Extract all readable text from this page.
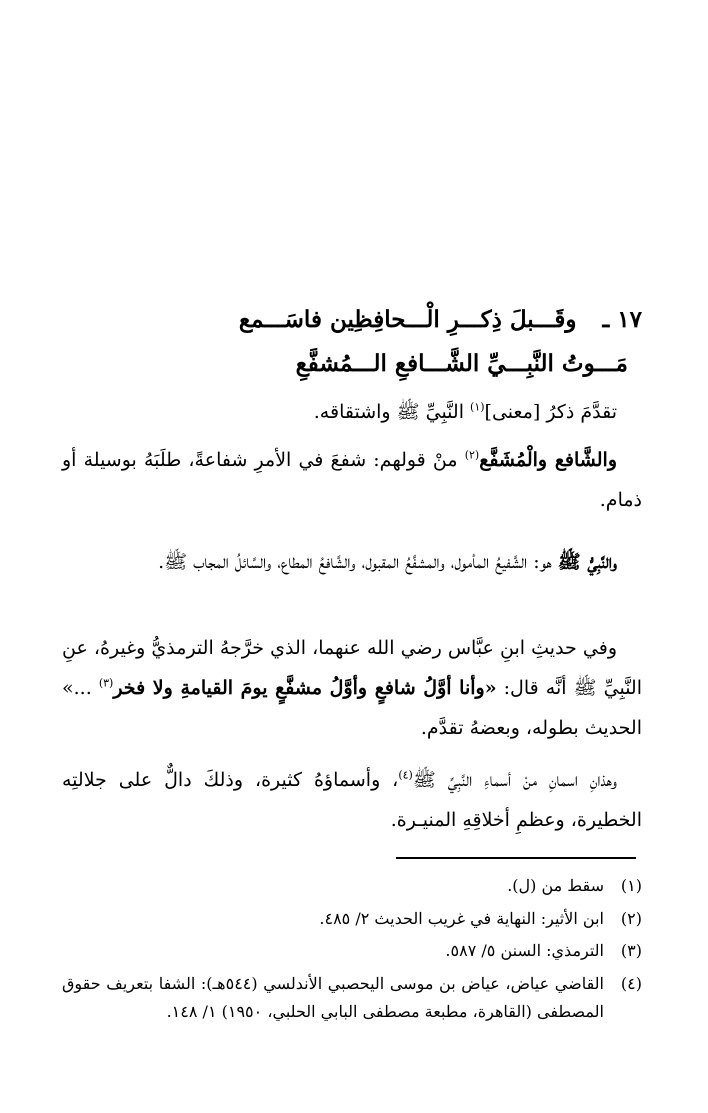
١٧ ـ وقَـــبلَ ذِكـــرِ الْـــحافِظِين فاسَـــمع
مَـــوتُ النَّبِـــيِّ الشَّـــافعِ الـــمُشفَّعِ

تقدَّمَ ذكرُ [معنى]$^{(١)}$ النَّبِيِّ ﷺ واشتقاقه.

والشَّافع والْمُشَفَّع$^{(٢)}$ منْ قولهم: شفعَ في الأمرِ شفاعةً، طلَبَهُ بوسيلة أو ذمام.

والنَّبِيُّ ﷺ هو: الشَّفيعُ المأمول، والمشفَّعُ المقبول، والشَّافعُ المطاع، والسَّائلُ المجاب ﷺ.

وفي حديثِ ابنِ عبَّاس رضي الله عنهما، الذي خرَّجهُ الترمذيُّ وغيرهُ، عنِ النَّبِيِّ ﷺ أنَّه قال: «وأنا أوَّلُ شافعٍ وأوَّلُ مشفَّعٍ يومَ القيامةِ ولا فخر$^{(٣)}$ ...» الحديث بطوله، وبعضهُ تقدَّم.

وهذانِ اسمانِ منْ أسماءِ النَّبِيِّ ﷺ$^{(٤)}$، وأسماؤهُ كثيرة، وذلكَ دالٌّ على جلالتِه الخطيرة، وعظمِ أخلاقِهِ المنيـرة.

(١)
سقط من (ل).

(٢)
ابن الأثير: النهاية في غريب الحديث ٢/ ٤٨٥.

(٣)
الترمذي: السنن ٥/ ٥٨٧.

(٤)
القاضي عياض، عياض بن موسى اليحصبي الأندلسي (٥٤٤هـ): الشفا بتعريف حقوق المصطفى (القاهرة، مطبعة مصطفى البابي الحلبي، ١٩٥٠) ١/ ١٤٨.
